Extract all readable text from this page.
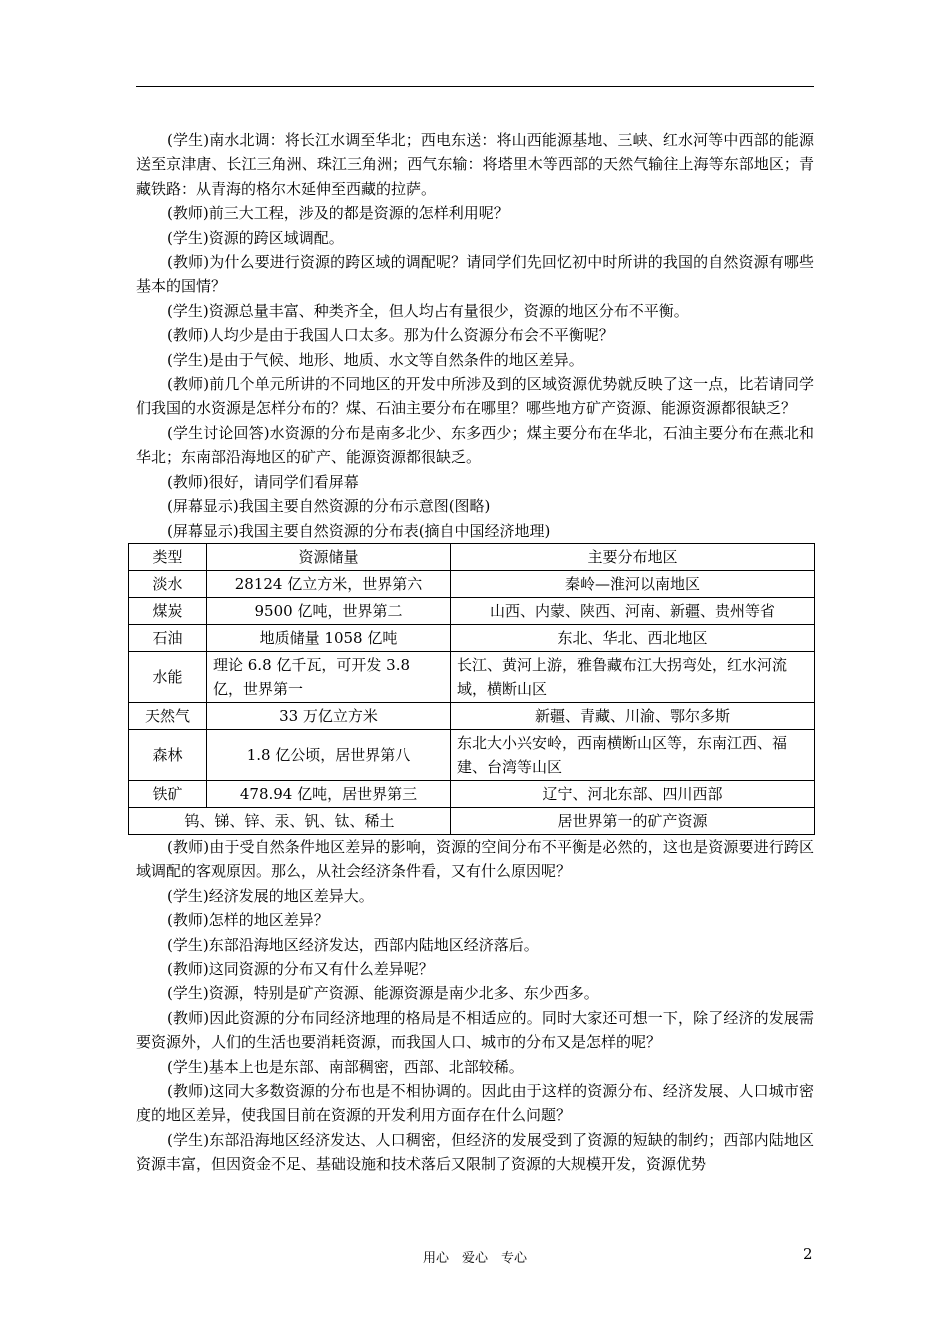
(学生)南水北调：将长江水调至华北；西电东送：将山西能源基地、三峡、红水河等中西部的能源送至京津唐、长江三角洲、珠江三角洲；西气东输：将塔里木等西部的天然气输往上海等东部地区；青藏铁路：从青海的格尔木延伸至西藏的拉萨。
(教师)前三大工程，涉及的都是资源的怎样利用呢？
(学生)资源的跨区域调配。
(教师)为什么要进行资源的跨区域的调配呢？请同学们先回忆初中时所讲的我国的自然资源有哪些基本的国情？
(学生)资源总量丰富、种类齐全，但人均占有量很少，资源的地区分布不平衡。
(教师)人均少是由于我国人口太多。那为什么资源分布会不平衡呢？
(学生)是由于气候、地形、地质、水文等自然条件的地区差异。
(教师)前几个单元所讲的不同地区的开发中所涉及到的区域资源优势就反映了这一点，比若请同学们我国的水资源是怎样分布的？煤、石油主要分布在哪里？哪些地方矿产资源、能源资源都很缺乏？
(学生讨论回答)水资源的分布是南多北少、东多西少；煤主要分布在华北，石油主要分布在燕北和华北；东南部沿海地区的矿产、能源资源都很缺乏。
(教师)很好，请同学们看屏幕
(屏幕显示)我国主要自然资源的分布示意图(图略)
(屏幕显示)我国主要自然资源的分布表(摘自中国经济地理)
类型	资源储量	主要分布地区
淡水	28124 亿立方米，世界第六	秦岭—淮河以南地区
煤炭	9500 亿吨，世界第二	山西、内蒙、陕西、河南、新疆、贵州等省
石油	地质储量 1058 亿吨	东北、华北、西北地区
水能	理论 6.8 亿千瓦，可开发 3.8 亿，世界第一	长江、黄河上游，雅鲁藏布江大拐弯处，红水河流域，横断山区
天然气	33 万亿立方米	新疆、青藏、川渝、鄂尔多斯
森林	1.8 亿公顷，居世界第八	东北大小兴安岭，西南横断山区等，东南江西、福建、台湾等山区
铁矿	478.94 亿吨，居世界第三	辽宁、河北东部、四川西部
钨、锑、锌、汞、钒、钛、稀土		居世界第一的矿产资源
(教师)由于受自然条件地区差异的影响，资源的空间分布不平衡是必然的，这也是资源要进行跨区域调配的客观原因。那么，从社会经济条件看，又有什么原因呢？
(学生)经济发展的地区差异大。
(教师)怎样的地区差异？
(学生)东部沿海地区经济发达，西部内陆地区经济落后。
(教师)这同资源的分布又有什么差异呢？
(学生)资源，特别是矿产资源、能源资源是南少北多、东少西多。
(教师)因此资源的分布同经济地理的格局是不相适应的。同时大家还可想一下，除了经济的发展需要资源外，人们的生活也要消耗资源，而我国人口、城市的分布又是怎样的呢？
(学生)基本上也是东部、南部稠密，西部、北部较稀。
(教师)这同大多数资源的分布也是不相协调的。因此由于这样的资源分布、经济发展、人口城市密度的地区差异，使我国目前在资源的开发利用方面存在什么问题？
(学生)东部沿海地区经济发达、人口稠密，但经济的发展受到了资源的短缺的制约；西部内陆地区资源丰富，但因资金不足、基础设施和技术落后又限制了资源的大规模开发，资源优势
用心　爱心　专心	2
